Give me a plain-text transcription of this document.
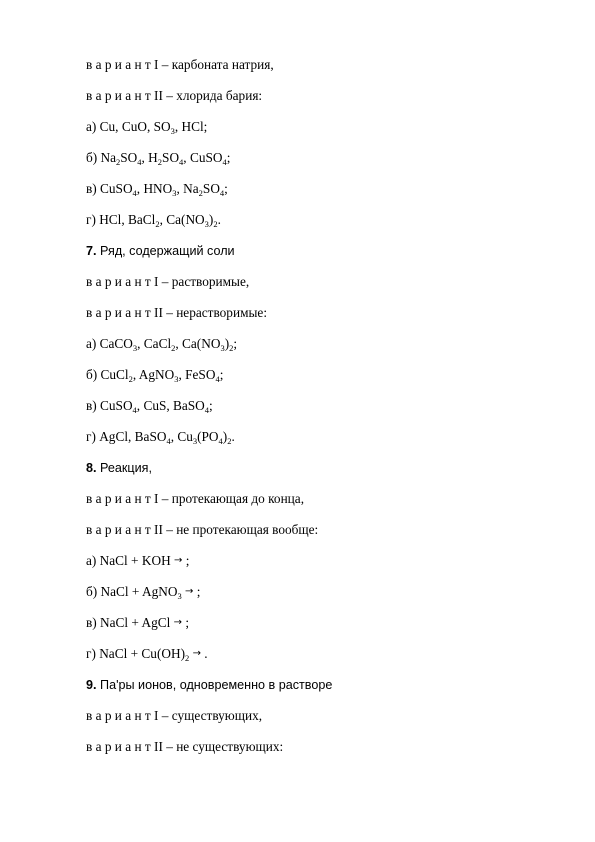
в а р и а н т I – карбоната натрия,
в а р и а н т II – хлорида бария:
а) Cu, CuO, $SO_3$, HCl;
б) $Na_2SO_4$, $H_2SO_4$, CuSO$_4$;
в) CuSO$_4$, $HNO_3$, $Na_2SO_4$;
г) HCl, BaCl$_2$, $Ca(NO_3)_2$.
7. Ряд, содержащий соли
в а р и а н т I – растворимые,
в а р и а н т II – нерастворимые:
а) CaCO$_3$, CaCl$_2$, $Ca(NO_3)_2$;
б) CuCl$_2$, AgNO$_3$, FeSO$_4$;
в) CuSO$_4$, CuS, BaSO$_4$;
г) AgCl, BaSO$_4$, $Cu_3(PO_4)_2$.
8. Реакция,
в а р и а н т I – протекающая до конца,
в а р и а н т II – не протекающая вообще:
а) NaCl + KOH → ;
б) NaCl + AgNO$_3$ → ;
в) NaCl + AgCl → ;
г) NaCl + $Cu(OH)_2$ → .
9. Па'ры ионов, одновременно в растворе
в а р и а н т I – существующих,
в а р и а н т II – не существующих:
